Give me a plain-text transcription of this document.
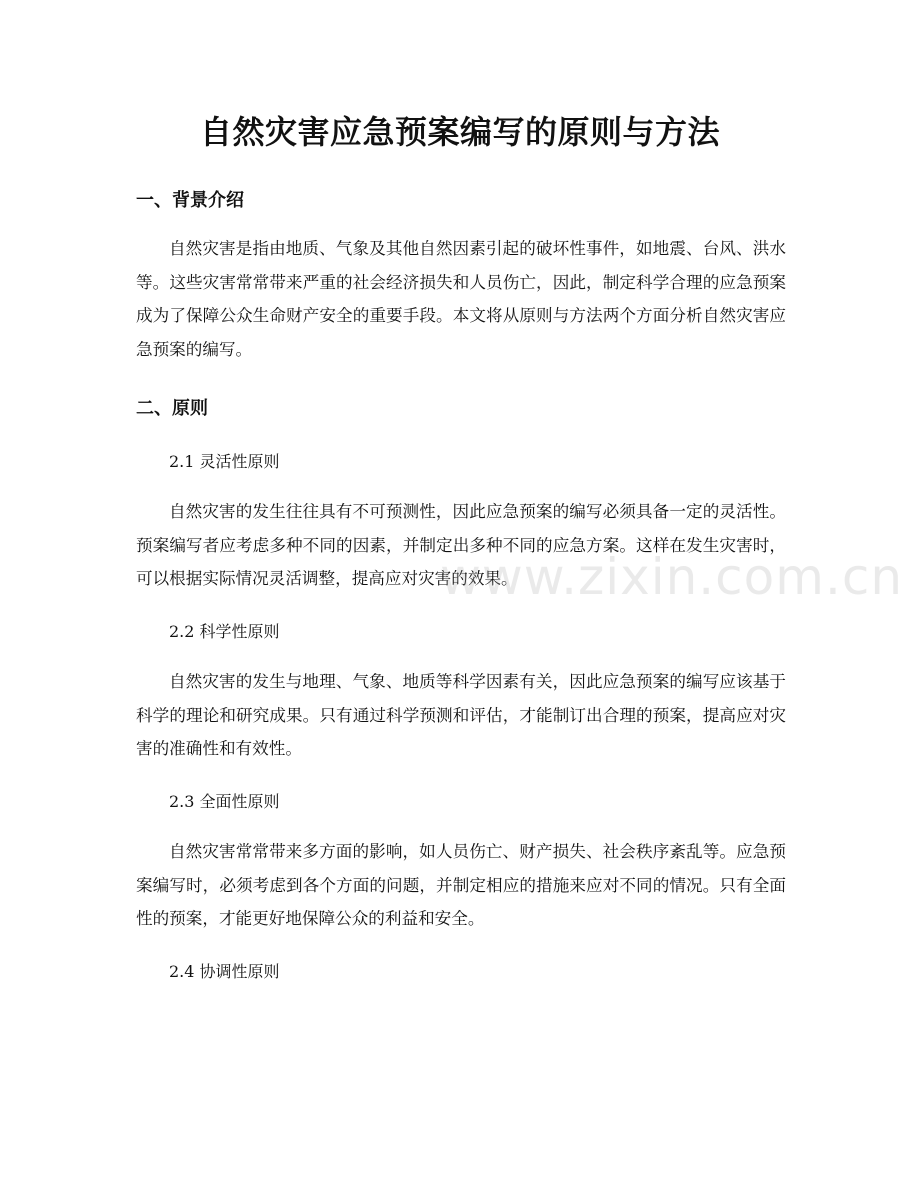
自然灾害应急预案编写的原则与方法
一、背景介绍

自然灾害是指由地质、气象及其他自然因素引起的破坏性事件，如地震、台风、洪水等。这些灾害常常带来严重的社会经济损失和人员伤亡，因此，制定科学合理的应急预案成为了保障公众生命财产安全的重要手段。本文将从原则与方法两个方面分析自然灾害应急预案的编写。

二、原则
2.1 灵活性原则

自然灾害的发生往往具有不可预测性，因此应急预案的编写必须具备一定的灵活性。预案编写者应考虑多种不同的因素，并制定出多种不同的应急方案。这样在发生灾害时，可以根据实际情况灵活调整，提高应对灾害的效果。

2.2 科学性原则

自然灾害的发生与地理、气象、地质等科学因素有关，因此应急预案的编写应该基于科学的理论和研究成果。只有通过科学预测和评估，才能制订出合理的预案，提高应对灾害的准确性和有效性。

2.3 全面性原则

自然灾害常常带来多方面的影响，如人员伤亡、财产损失、社会秩序紊乱等。应急预案编写时，必须考虑到各个方面的问题，并制定相应的措施来应对不同的情况。只有全面性的预案，才能更好地保障公众的利益和安全。

2.4 协调性原则
www.zixin.com.cn
